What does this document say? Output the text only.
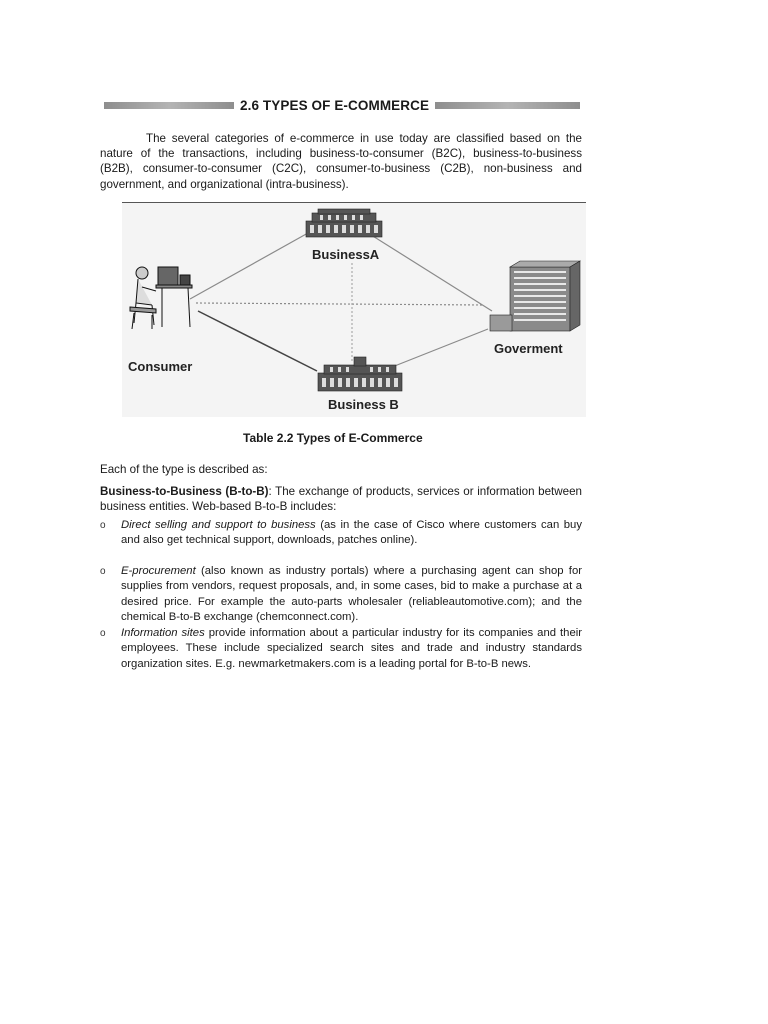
2.6 TYPES OF E-COMMERCE
The several categories of e-commerce in use today are classified based on the nature of the transactions, including business-to-consumer (B2C), business-to-business (B2B), consumer-to-consumer (C2C), consumer-to-business (C2B), non-business and government, and organizational (intra-business).
BusinessA
Goverment
Consumer
Business B
Table 2.2 Types of E-Commerce
Each of the type is described as:
Business-to-Business (B-to-B): The exchange of products, services or information between business entities. Web-based B-to-B includes:
o	Direct selling and support to business (as in the case of Cisco where customers can buy and also get technical support, downloads, patches online).
o	E-procurement (also known as industry portals) where a purchasing agent can shop for supplies from vendors, request proposals, and, in some cases, bid to make a purchase at a desired price. For example the auto-parts wholesaler (reliableautomotive.com); and the chemical B-to-B exchange (chemconnect.com).
o	Information sites provide information about a particular industry for its companies and their employees. These include specialized search sites and trade and industry standards organization sites. E.g. newmarketmakers.com is a leading portal for B-to-B news.
